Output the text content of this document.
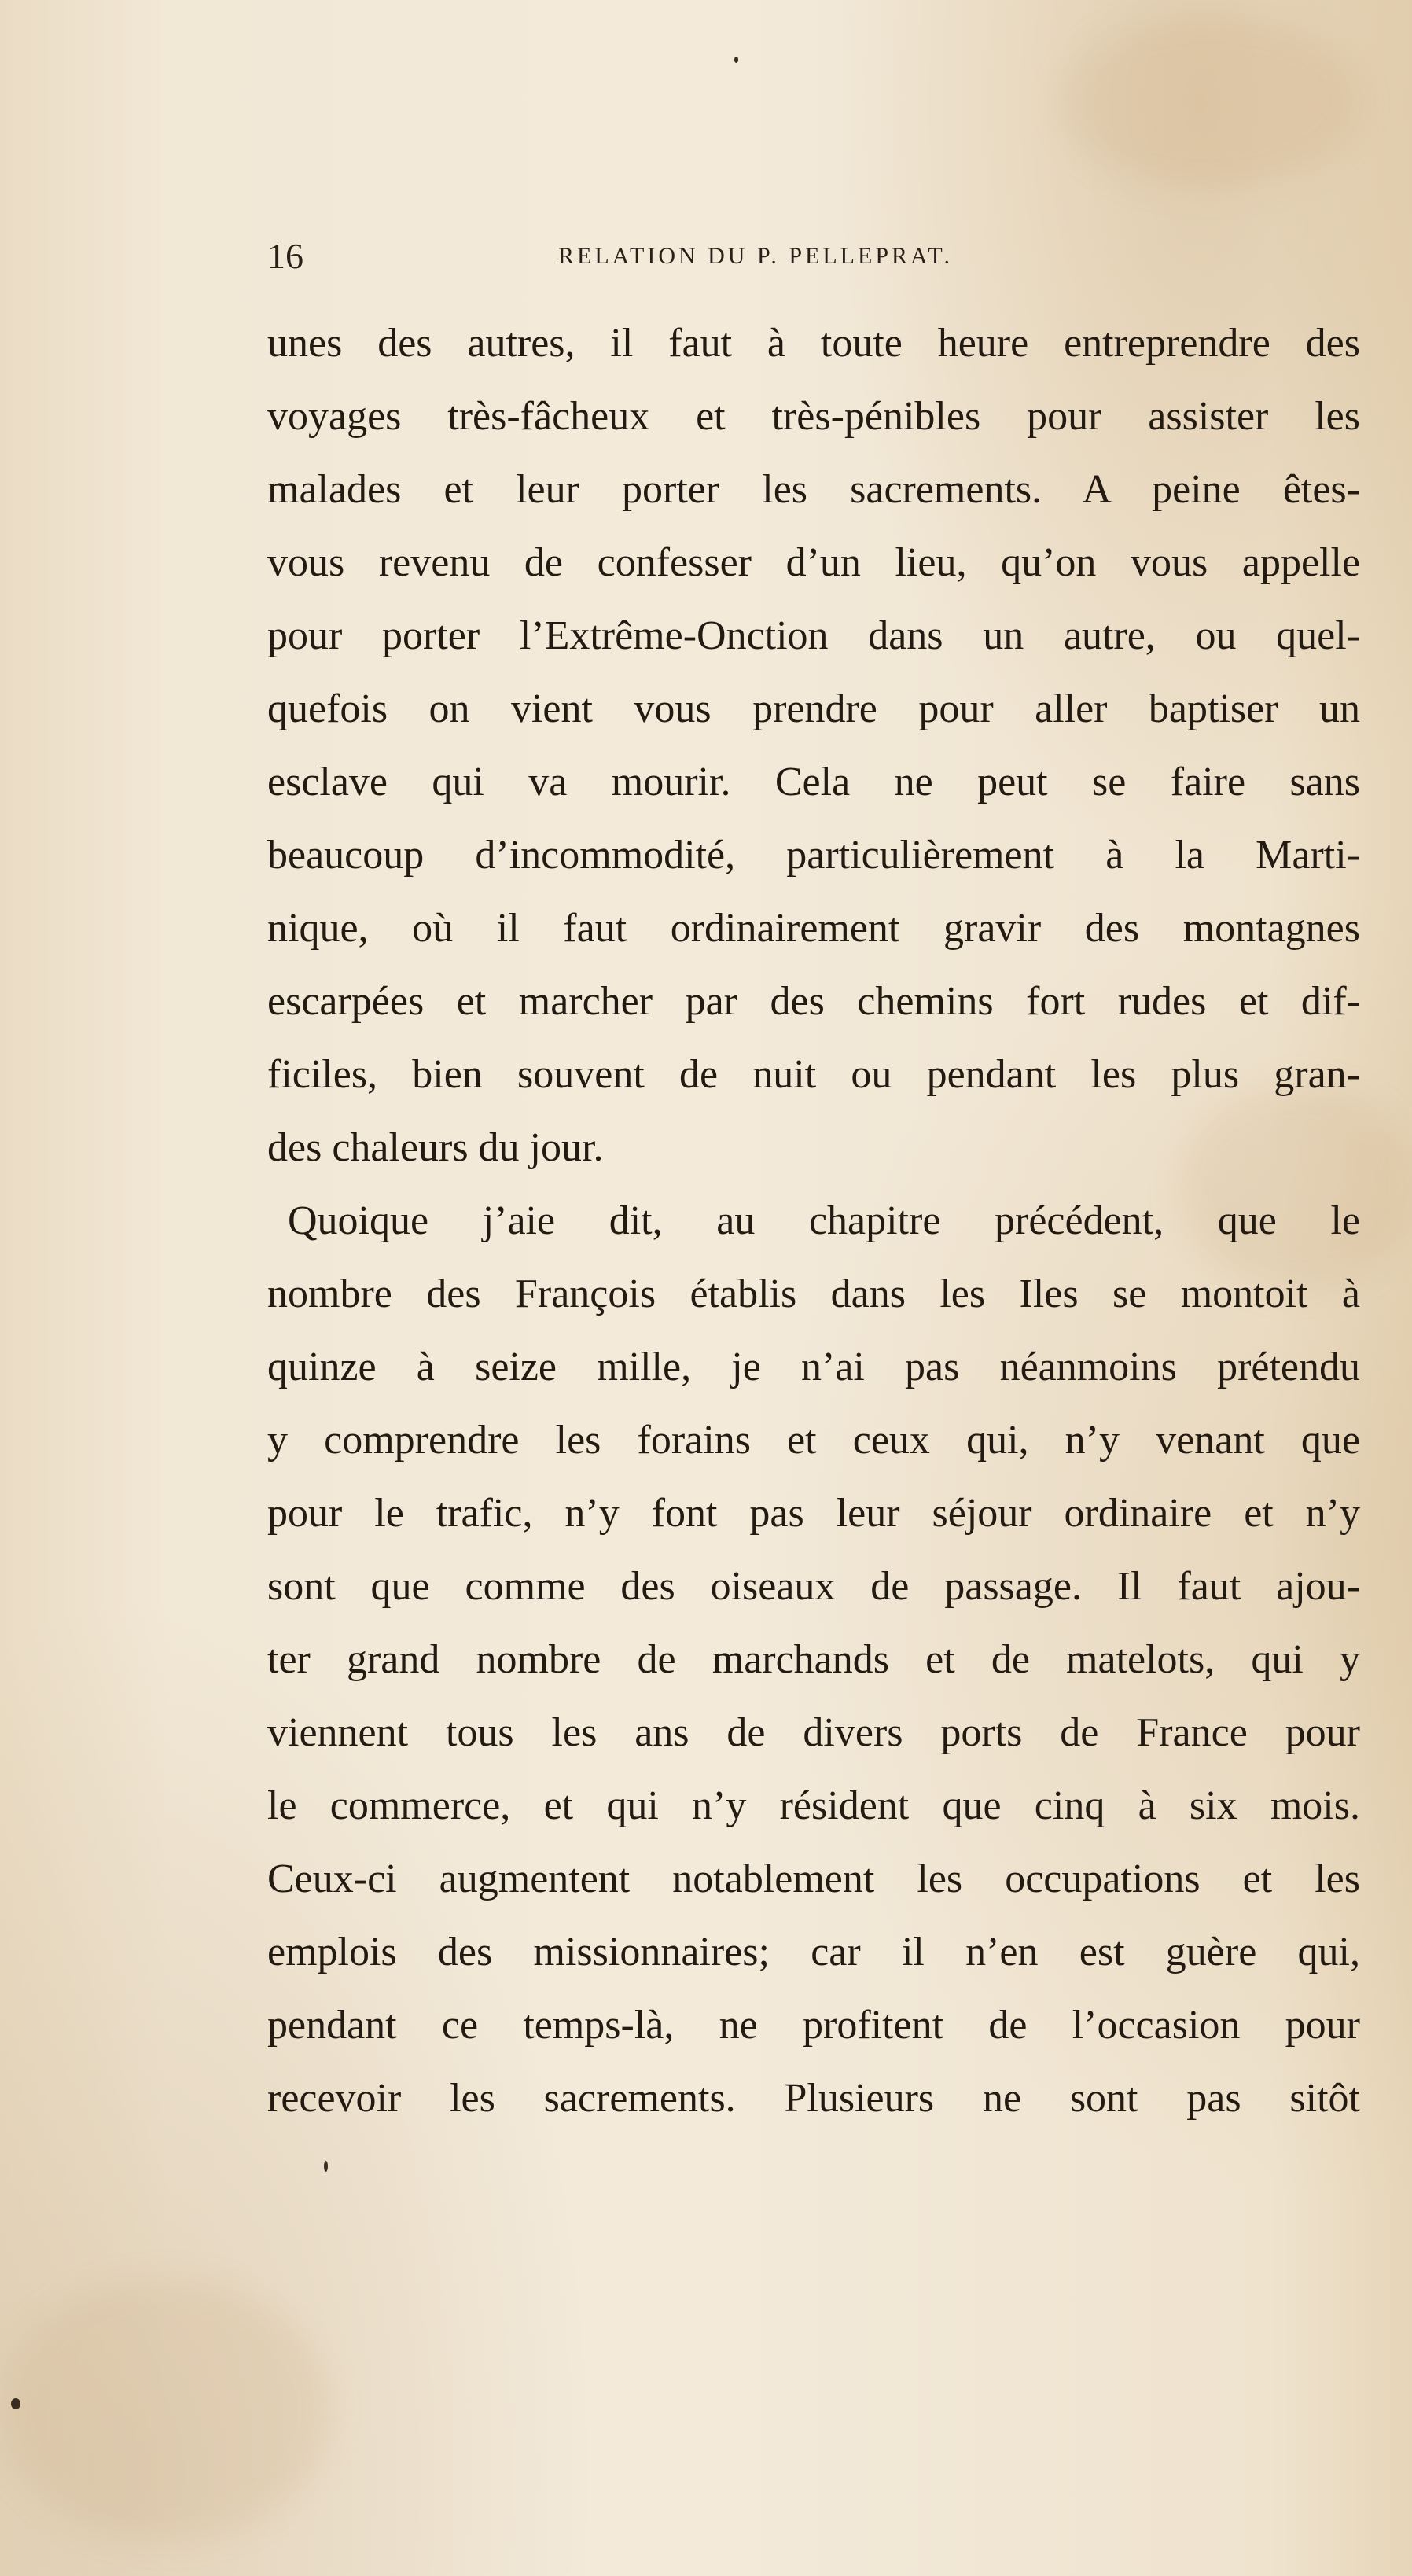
16	RELATION DU P. PELLEPRAT.
unes des autres, il faut à toute heure entreprendre des
voyages très-fâcheux et très-pénibles pour assister les
malades et leur porter les sacrements. A peine êtes-
vous revenu de confesser d’un lieu, qu’on vous appelle
pour porter l’Extrême-Onction dans un autre, ou quel-
quefois on vient vous prendre pour aller baptiser un
esclave qui va mourir. Cela ne peut se faire sans
beaucoup d’incommodité, particulièrement à la Marti-
nique, où il faut ordinairement gravir des montagnes
escarpées et marcher par des chemins fort rudes et dif-
ficiles, bien souvent de nuit ou pendant les plus gran-
des chaleurs du jour.
Quoique j’aie dit, au chapitre précédent, que le
nombre des François établis dans les Iles se montoit à
quinze à seize mille, je n’ai pas néanmoins prétendu
y comprendre les forains et ceux qui, n’y venant que
pour le trafic, n’y font pas leur séjour ordinaire et n’y
sont que comme des oiseaux de passage. Il faut ajou-
ter grand nombre de marchands et de matelots, qui y
viennent tous les ans de divers ports de France pour
le commerce, et qui n’y résident que cinq à six mois.
Ceux-ci augmentent notablement les occupations et les
emplois des missionnaires; car il n’en est guère qui,
pendant ce temps-là, ne profitent de l’occasion pour
recevoir les sacrements. Plusieurs ne sont pas sitôt
